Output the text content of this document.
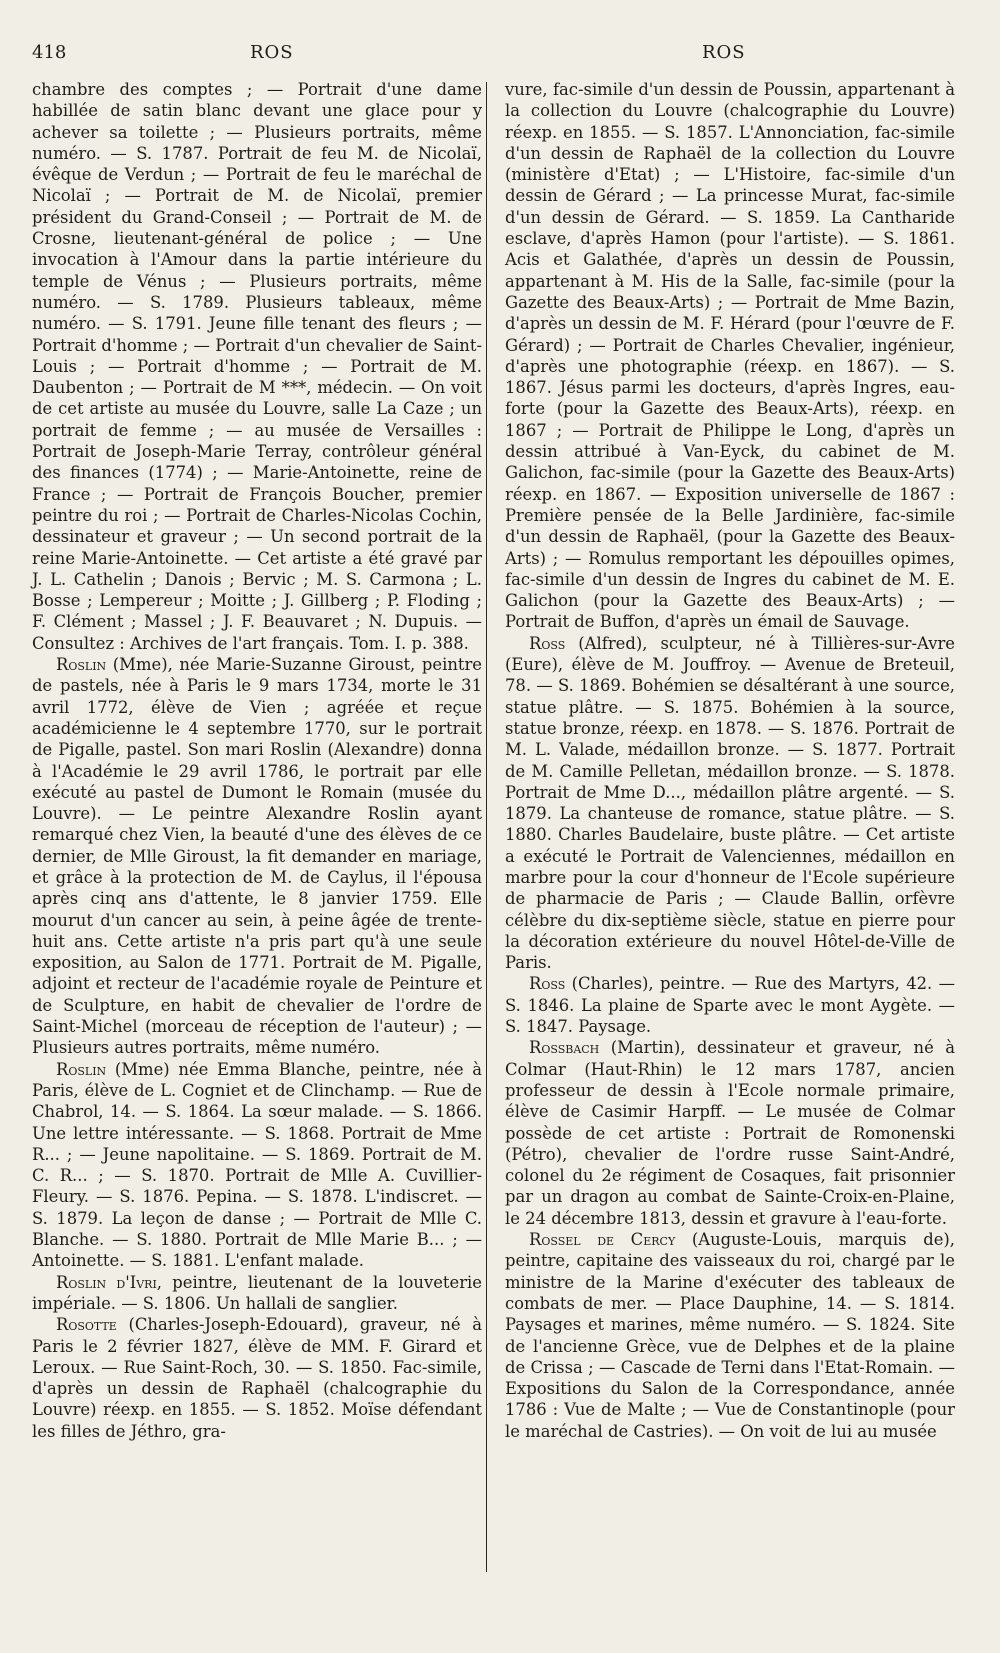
418	ROS	ROS

chambre des comptes ; — Portrait d'une dame habillée de satin blanc devant une glace pour y achever sa toilette ; — Plusieurs portraits, même numéro. — S. 1787. Portrait de feu M. de Nicolaï, évêque de Verdun ; — Portrait de feu le maréchal de Nicolaï ; — Portrait de M. de Nicolaï, premier président du Grand-Conseil ; — Portrait de M. de Crosne, lieutenant-général de police ; — Une invocation à l'Amour dans la partie intérieure du temple de Vénus ; — Plusieurs portraits, même numéro. — S. 1789. Plusieurs tableaux, même numéro. — S. 1791. Jeune fille tenant des fleurs ; — Portrait d'homme ; — Portrait d'un chevalier de Saint-Louis ; — Portrait d'homme ; — Portrait de M. Daubenton ; — Portrait de M ***, médecin. — On voit de cet artiste au musée du Louvre, salle La Caze ; un portrait de femme ; — au musée de Versailles : Portrait de Joseph-Marie Terray, contrôleur général des finances (1774) ; — Marie-Antoinette, reine de France ; — Portrait de François Boucher, premier peintre du roi ; — Portrait de Charles-Nicolas Cochin, dessinateur et graveur ; — Un second portrait de la reine Marie-Antoinette. — Cet artiste a été gravé par J. L. Cathelin ; Danois ; Bervic ; M. S. Carmona ; L. Bosse ; Lempereur ; Moitte ; J. Gillberg ; P. Floding ; F. Clément ; Massel ; J. F. Beauvaret ; N. Dupuis. — Consultez : Archives de l'art français. Tom. I. p. 388.

Roslin (Mme), née Marie-Suzanne Giroust, peintre de pastels, née à Paris le 9 mars 1734, morte le 31 avril 1772, élève de Vien ; agréée et reçue académicienne le 4 septembre 1770, sur le portrait de Pigalle, pastel. Son mari Roslin (Alexandre) donna à l'Académie le 29 avril 1786, le portrait par elle exécuté au pastel de Dumont le Romain (musée du Louvre). — Le peintre Alexandre Roslin ayant remarqué chez Vien, la beauté d'une des élèves de ce dernier, de Mlle Giroust, la fit demander en mariage, et grâce à la protection de M. de Caylus, il l'épousa après cinq ans d'attente, le 8 janvier 1759. Elle mourut d'un cancer au sein, à peine âgée de trente-huit ans. Cette artiste n'a pris part qu'à une seule exposition, au Salon de 1771. Portrait de M. Pigalle, adjoint et recteur de l'académie royale de Peinture et de Sculpture, en habit de chevalier de l'ordre de Saint-Michel (morceau de réception de l'auteur) ; — Plusieurs autres portraits, même numéro.

Roslin (Mme) née Emma Blanche, peintre, née à Paris, élève de L. Cogniet et de Clinchamp. — Rue de Chabrol, 14. — S. 1864. La sœur malade. — S. 1866. Une lettre intéressante. — S. 1868. Portrait de Mme R... ; — Jeune napolitaine. — S. 1869. Portrait de M. C. R... ; — S. 1870. Portrait de Mlle A. Cuvillier-Fleury. — S. 1876. Pepina. — S. 1878. L'indiscret. — S. 1879. La leçon de danse ; — Portrait de Mlle C. Blanche. — S. 1880. Portrait de Mlle Marie B... ; — Antoinette. — S. 1881. L'enfant malade.

Roslin d'Ivri, peintre, lieutenant de la louveterie impériale. — S. 1806. Un hallali de sanglier.

Rosotte (Charles-Joseph-Edouard), graveur, né à Paris le 2 février 1827, élève de MM. F. Girard et Leroux. — Rue Saint-Roch, 30. — S. 1850. Fac-simile, d'après un dessin de Raphaël (chalcographie du Louvre) réexp. en 1855. — S. 1852. Moïse défendant les filles de Jéthro, gra-

vure, fac-simile d'un dessin de Poussin, appartenant à la collection du Louvre (chalcographie du Louvre) réexp. en 1855. — S. 1857. L'Annonciation, fac-simile d'un dessin de Raphaël de la collection du Louvre (ministère d'Etat) ; — L'Histoire, fac-simile d'un dessin de Gérard ; — La princesse Murat, fac-simile d'un dessin de Gérard. — S. 1859. La Cantharide esclave, d'après Hamon (pour l'artiste). — S. 1861. Acis et Galathée, d'après un dessin de Poussin, appartenant à M. His de la Salle, fac-simile (pour la Gazette des Beaux-Arts) ; — Portrait de Mme Bazin, d'après un dessin de M. F. Hérard (pour l'œuvre de F. Gérard) ; — Portrait de Charles Chevalier, ingénieur, d'après une photographie (réexp. en 1867). — S. 1867. Jésus parmi les docteurs, d'après Ingres, eau-forte (pour la Gazette des Beaux-Arts), réexp. en 1867 ; — Portrait de Philippe le Long, d'après un dessin attribué à Van-Eyck, du cabinet de M. Galichon, fac-simile (pour la Gazette des Beaux-Arts) réexp. en 1867. — Exposition universelle de 1867 : Première pensée de la Belle Jardinière, fac-simile d'un dessin de Raphaël, (pour la Gazette des Beaux-Arts) ; — Romulus remportant les dépouilles opimes, fac-simile d'un dessin de Ingres du cabinet de M. E. Galichon (pour la Gazette des Beaux-Arts) ; — Portrait de Buffon, d'après un émail de Sauvage.

Ross (Alfred), sculpteur, né à Tillières-sur-Avre (Eure), élève de M. Jouffroy. — Avenue de Breteuil, 78. — S. 1869. Bohémien se désaltérant à une source, statue plâtre. — S. 1875. Bohémien à la source, statue bronze, réexp. en 1878. — S. 1876. Portrait de M. L. Valade, médaillon bronze. — S. 1877. Portrait de M. Camille Pelletan, médaillon bronze. — S. 1878. Portrait de Mme D..., médaillon plâtre argenté. — S. 1879. La chanteuse de romance, statue plâtre. — S. 1880. Charles Baudelaire, buste plâtre. — Cet artiste a exécuté le Portrait de Valenciennes, médaillon en marbre pour la cour d'honneur de l'Ecole supérieure de pharmacie de Paris ; — Claude Ballin, orfèvre célèbre du dix-septième siècle, statue en pierre pour la décoration extérieure du nouvel Hôtel-de-Ville de Paris.

Ross (Charles), peintre. — Rue des Martyrs, 42. — S. 1846. La plaine de Sparte avec le mont Aygète. — S. 1847. Paysage.

Rossbach (Martin), dessinateur et graveur, né à Colmar (Haut-Rhin) le 12 mars 1787, ancien professeur de dessin à l'Ecole normale primaire, élève de Casimir Harpff. — Le musée de Colmar possède de cet artiste : Portrait de Romonenski (Pétro), chevalier de l'ordre russe Saint-André, colonel du 2e régiment de Cosaques, fait prisonnier par un dragon au combat de Sainte-Croix-en-Plaine, le 24 décembre 1813, dessin et gravure à l'eau-forte.

Rossel de Cercy (Auguste-Louis, marquis de), peintre, capitaine des vaisseaux du roi, chargé par le ministre de la Marine d'exécuter des tableaux de combats de mer. — Place Dauphine, 14. — S. 1814. Paysages et marines, même numéro. — S. 1824. Site de l'ancienne Grèce, vue de Delphes et de la plaine de Crissa ; — Cascade de Terni dans l'Etat-Romain. — Expositions du Salon de la Correspondance, année 1786 : Vue de Malte ; — Vue de Constantinople (pour le maréchal de Castries). — On voit de lui au musée
